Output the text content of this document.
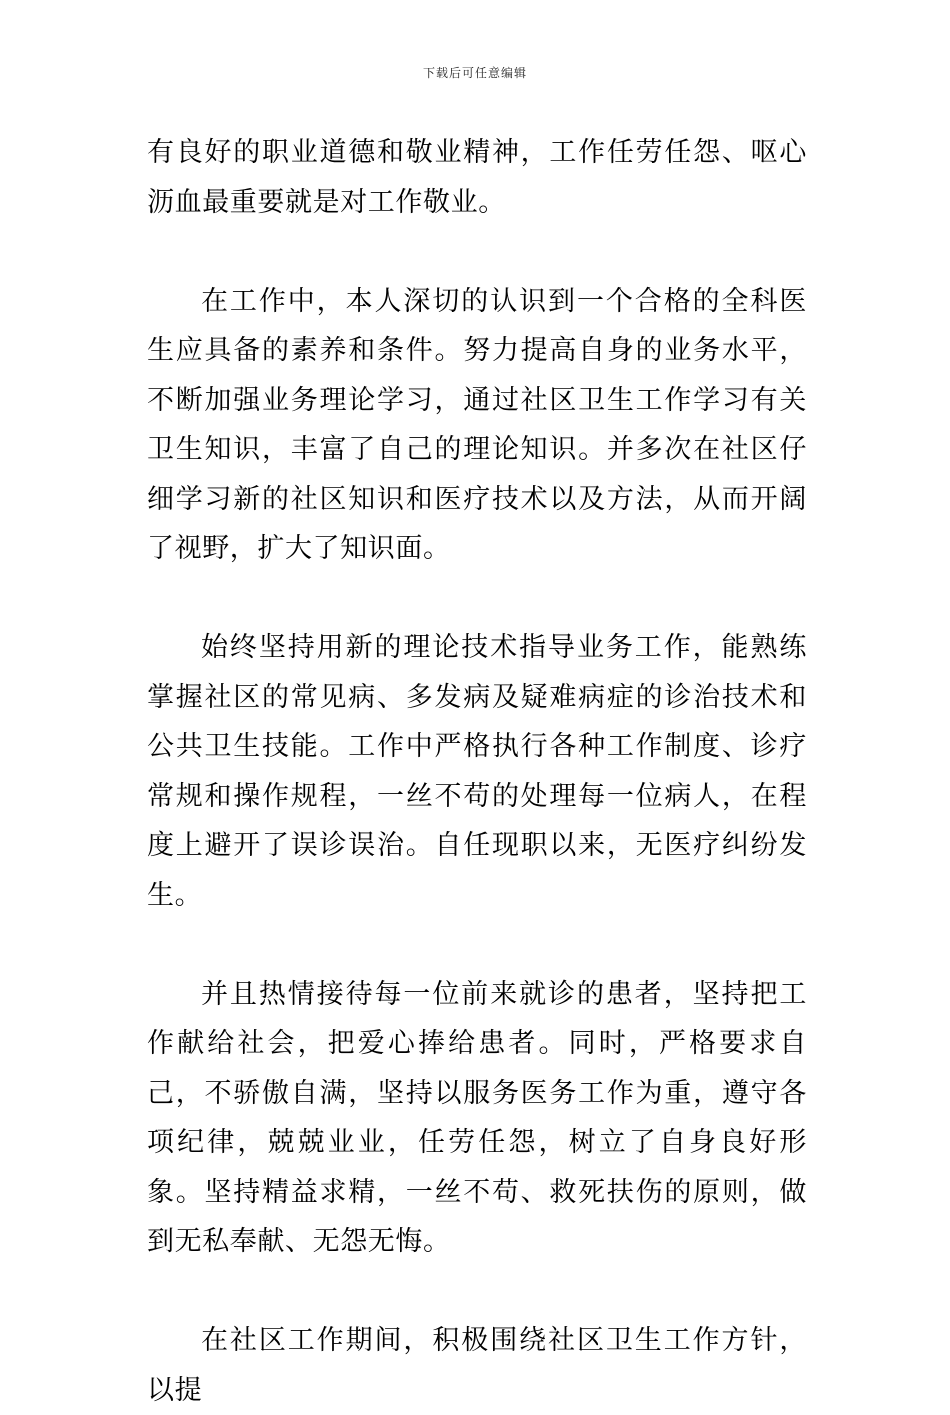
下载后可任意编辑

有良好的职业道德和敬业精神，工作任劳任怨、呕心沥血最重要就是对工作敬业。

在工作中，本人深切的认识到一个合格的全科医生应具备的素养和条件。努力提高自身的业务水平，不断加强业务理论学习，通过社区卫生工作学习有关卫生知识，丰富了自己的理论知识。并多次在社区仔细学习新的社区知识和医疗技术以及方法，从而开阔了视野，扩大了知识面。

始终坚持用新的理论技术指导业务工作，能熟练掌握社区的常见病、多发病及疑难病症的诊治技术和公共卫生技能。工作中严格执行各种工作制度、诊疗常规和操作规程，一丝不苟的处理每一位病人，在程度上避开了误诊误治。自任现职以来，无医疗纠纷发生。

并且热情接待每一位前来就诊的患者，坚持把工作献给社会，把爱心捧给患者。同时，严格要求自己，不骄傲自满，坚持以服务医务工作为重，遵守各项纪律，兢兢业业，任劳任怨，树立了自身良好形象。坚持精益求精，一丝不苟、救死扶伤的原则，做到无私奉献、无怨无悔。

在社区工作期间，积极围绕社区卫生工作方针，以提
